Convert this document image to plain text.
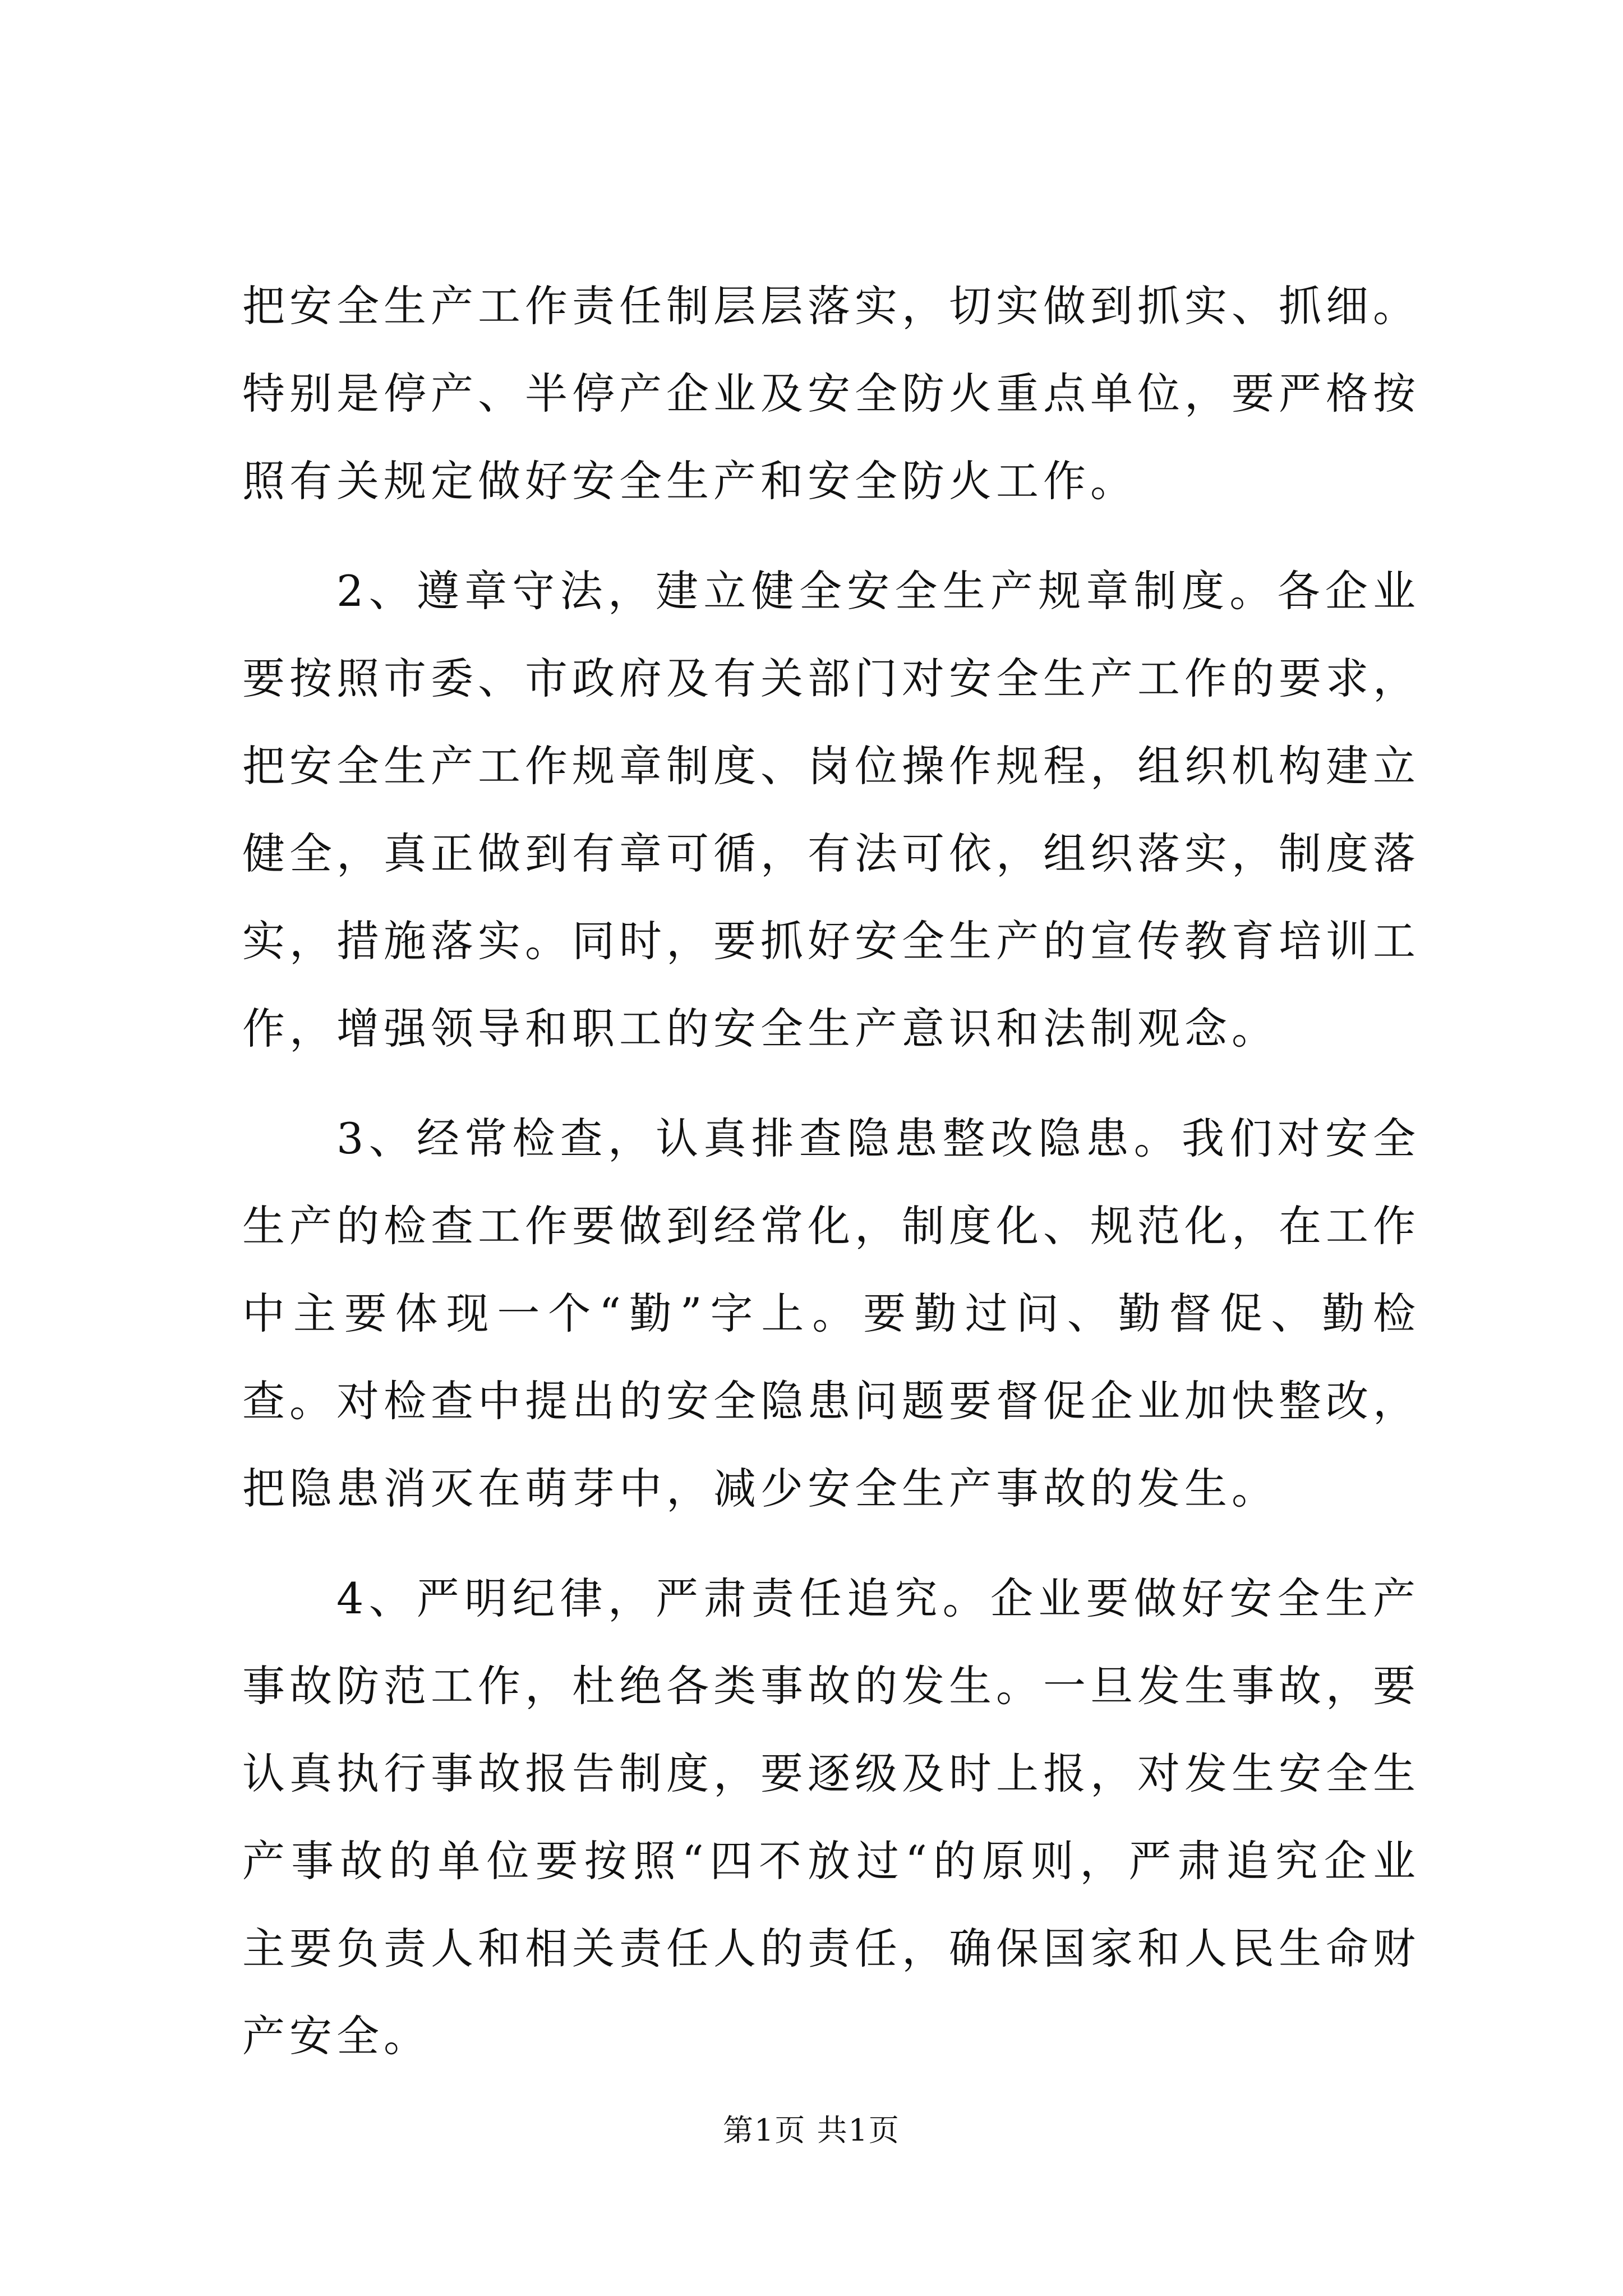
把安全生产工作责任制层层落实，切实做到抓实、抓细。特别是停产、半停产企业及安全防火重点单位，要严格按照有关规定做好安全生产和安全防火工作。

2、遵章守法，建立健全安全生产规章制度。各企业要按照市委、市政府及有关部门对安全生产工作的要求，把安全生产工作规章制度、岗位操作规程，组织机构建立健全，真正做到有章可循，有法可依，组织落实，制度落实，措施落实。同时，要抓好安全生产的宣传教育培训工作，增强领导和职工的安全生产意识和法制观念。

3、经常检查，认真排查隐患整改隐患。我们对安全生产的检查工作要做到经常化，制度化、规范化，在工作中主要体现一个“勤”字上。要勤过问、勤督促、勤检查。对检查中提出的安全隐患问题要督促企业加快整改，把隐患消灭在萌芽中，减少安全生产事故的发生。

4、严明纪律，严肃责任追究。企业要做好安全生产事故防范工作，杜绝各类事故的发生。一旦发生事故，要认真执行事故报告制度，要逐级及时上报，对发生安全生产事故的单位要按照“四不放过“的原则，严肃追究企业主要负责人和相关责任人的责任，确保国家和人民生命财产安全。

第1页 共1页
